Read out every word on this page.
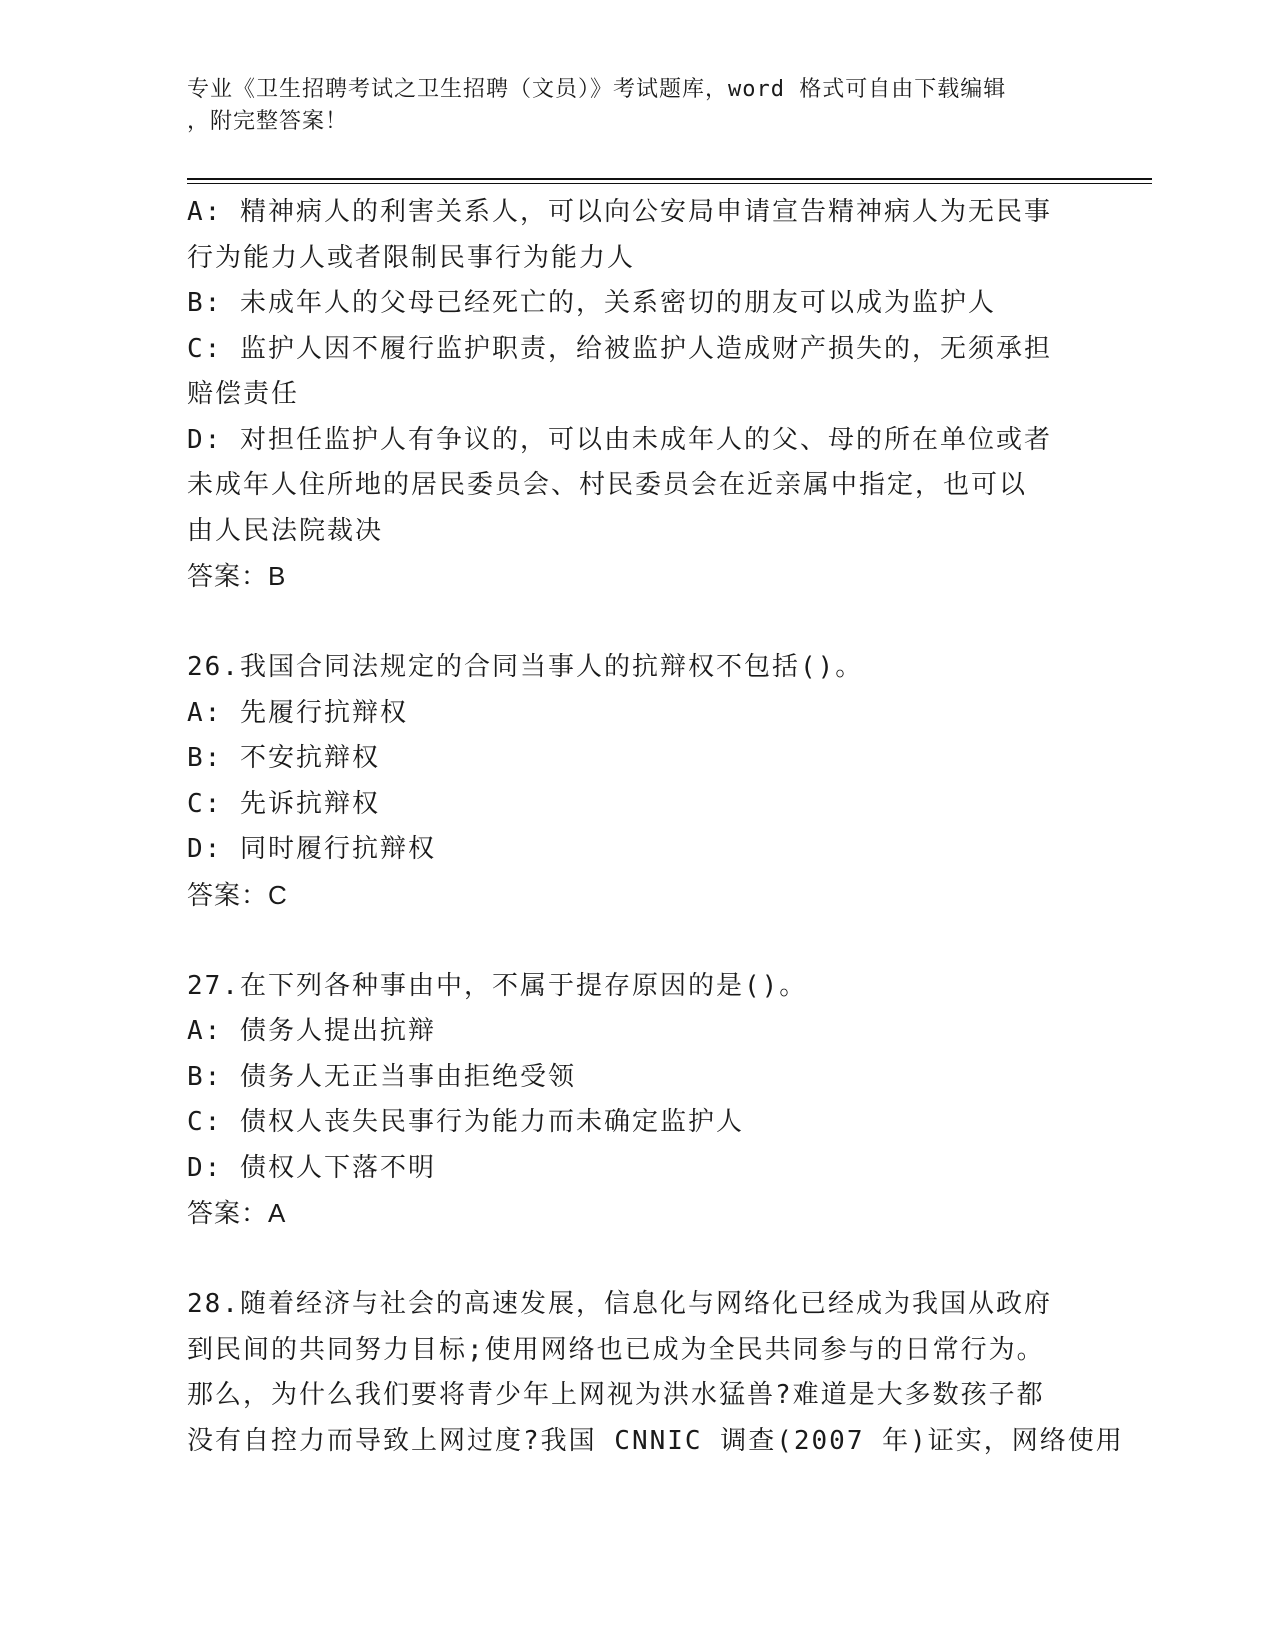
专业《卫生招聘考试之卫生招聘（文员）》考试题库，word 格式可自由下载编辑
，附完整答案！
A: 精神病人的利害关系人，可以向公安局申请宣告精神病人为无民事
行为能力人或者限制民事行为能力人
B: 未成年人的父母已经死亡的，关系密切的朋友可以成为监护人
C: 监护人因不履行监护职责，给被监护人造成财产损失的，无须承担
赔偿责任
D: 对担任监护人有争议的，可以由未成年人的父、母的所在单位或者
未成年人住所地的居民委员会、村民委员会在近亲属中指定，也可以
由人民法院裁决
答案：B
26.我国合同法规定的合同当事人的抗辩权不包括()。
A: 先履行抗辩权
B: 不安抗辩权
C: 先诉抗辩权
D: 同时履行抗辩权
答案：C
27.在下列各种事由中，不属于提存原因的是()。
A: 债务人提出抗辩
B: 债务人无正当事由拒绝受领
C: 债权人丧失民事行为能力而未确定监护人
D: 债权人下落不明
答案：A
28.随着经济与社会的高速发展，信息化与网络化已经成为我国从政府
到民间的共同努力目标;使用网络也已成为全民共同参与的日常行为。
那么，为什么我们要将青少年上网视为洪水猛兽?难道是大多数孩子都
没有自控力而导致上网过度?我国 CNNIC 调查(2007 年)证实，网络使用
